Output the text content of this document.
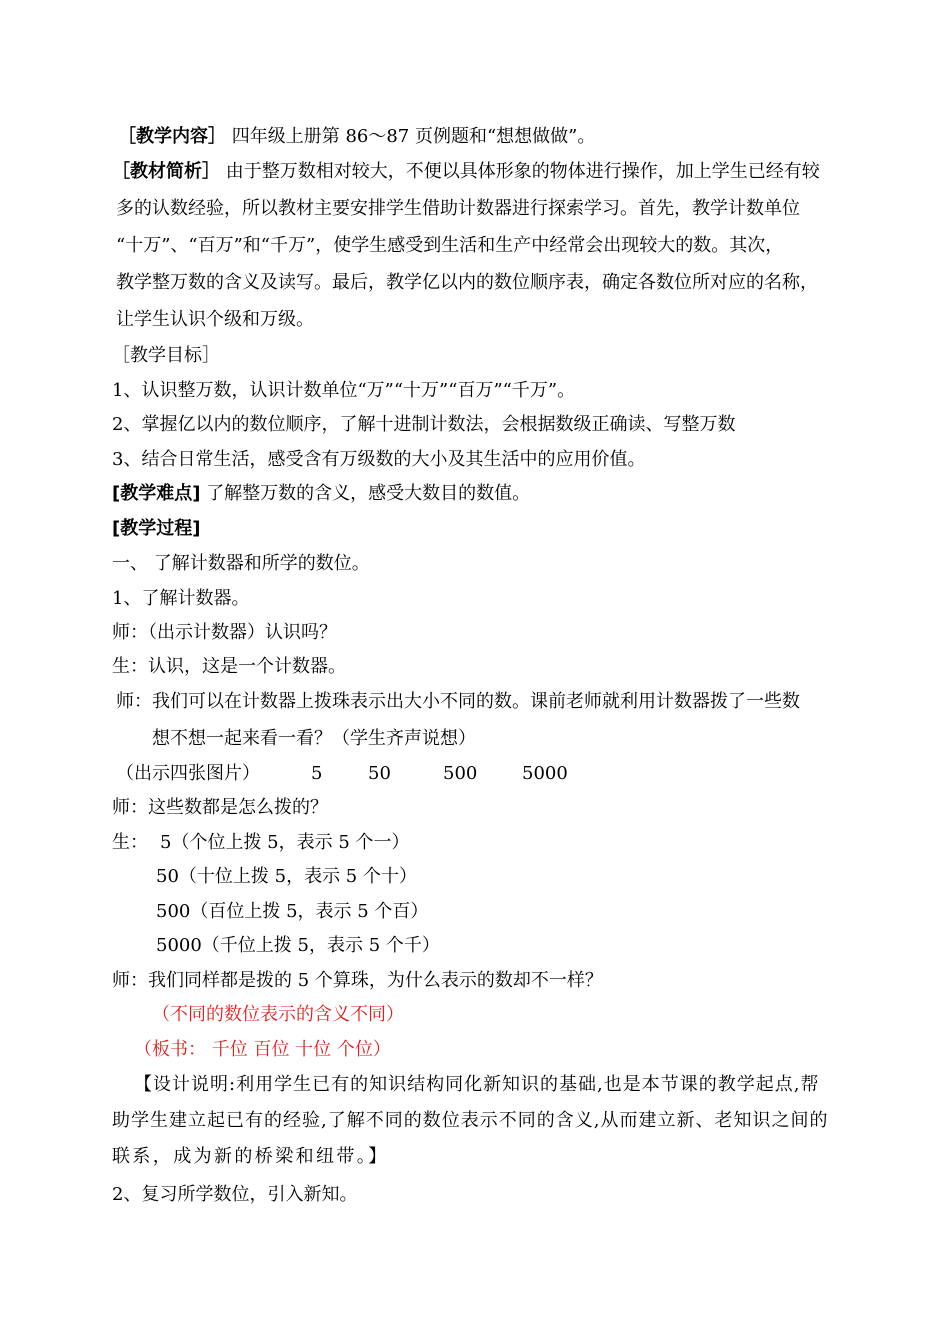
［教学内容］ 四年级上册第 86～87 页例题和“想想做做”。
［教材简析］ 由于整万数相对较大，不便以具体形象的物体进行操作，加上学生已经有较
多的认数经验，所以教材主要安排学生借助计数器进行探索学习。首先，教学计数单位
“十万”、“百万”和“千万”，使学生感受到生活和生产中经常会出现较大的数。其次，
教学整万数的含义及读写。最后，教学亿以内的数位顺序表，确定各数位所对应的名称，
让学生认识个级和万级。
［教学目标］
1、认识整万数，认识计数单位“万”“十万”“百万”“千万”。
2、掌握亿以内的数位顺序，了解十进制计数法，会根据数级正确读、写整万数
3、结合日常生活，感受含有万级数的大小及其生活中的应用价值。
[教学难点] 了解整万数的含义，感受大数目的数值。
[教学过程]
一、 了解计数器和所学的数位。
1、了解计数器。
师：（出示计数器）认识吗？
生：认识，这是一个计数器。
师：我们可以在计数器上拨珠表示出大小不同的数。课前老师就利用计数器拨了一些数
想不想一起来看一看？（学生齐声说想）
（出示四张图片）	5	50	500 5000
师：这些数都是怎么拨的？
生： 5（个位上拨 5，表示 5 个一）
50（十位上拨 5，表示 5 个十）
500（百位上拨 5，表示 5 个百）
5000（千位上拨 5，表示 5 个千）
师：我们同样都是拨的 5 个算珠，为什么表示的数却不一样？
（不同的数位表示的含义不同）
（板书： 千位 百位 十位 个位）
【设计说明:利用学生已有的知识结构同化新知识的基础,也是本节课的教学起点,帮
助学生建立起已有的经验,了解不同的数位表示不同的含义,从而建立新、老知识之间的
联系，成为新的桥梁和纽带。】
2、复习所学数位，引入新知。
